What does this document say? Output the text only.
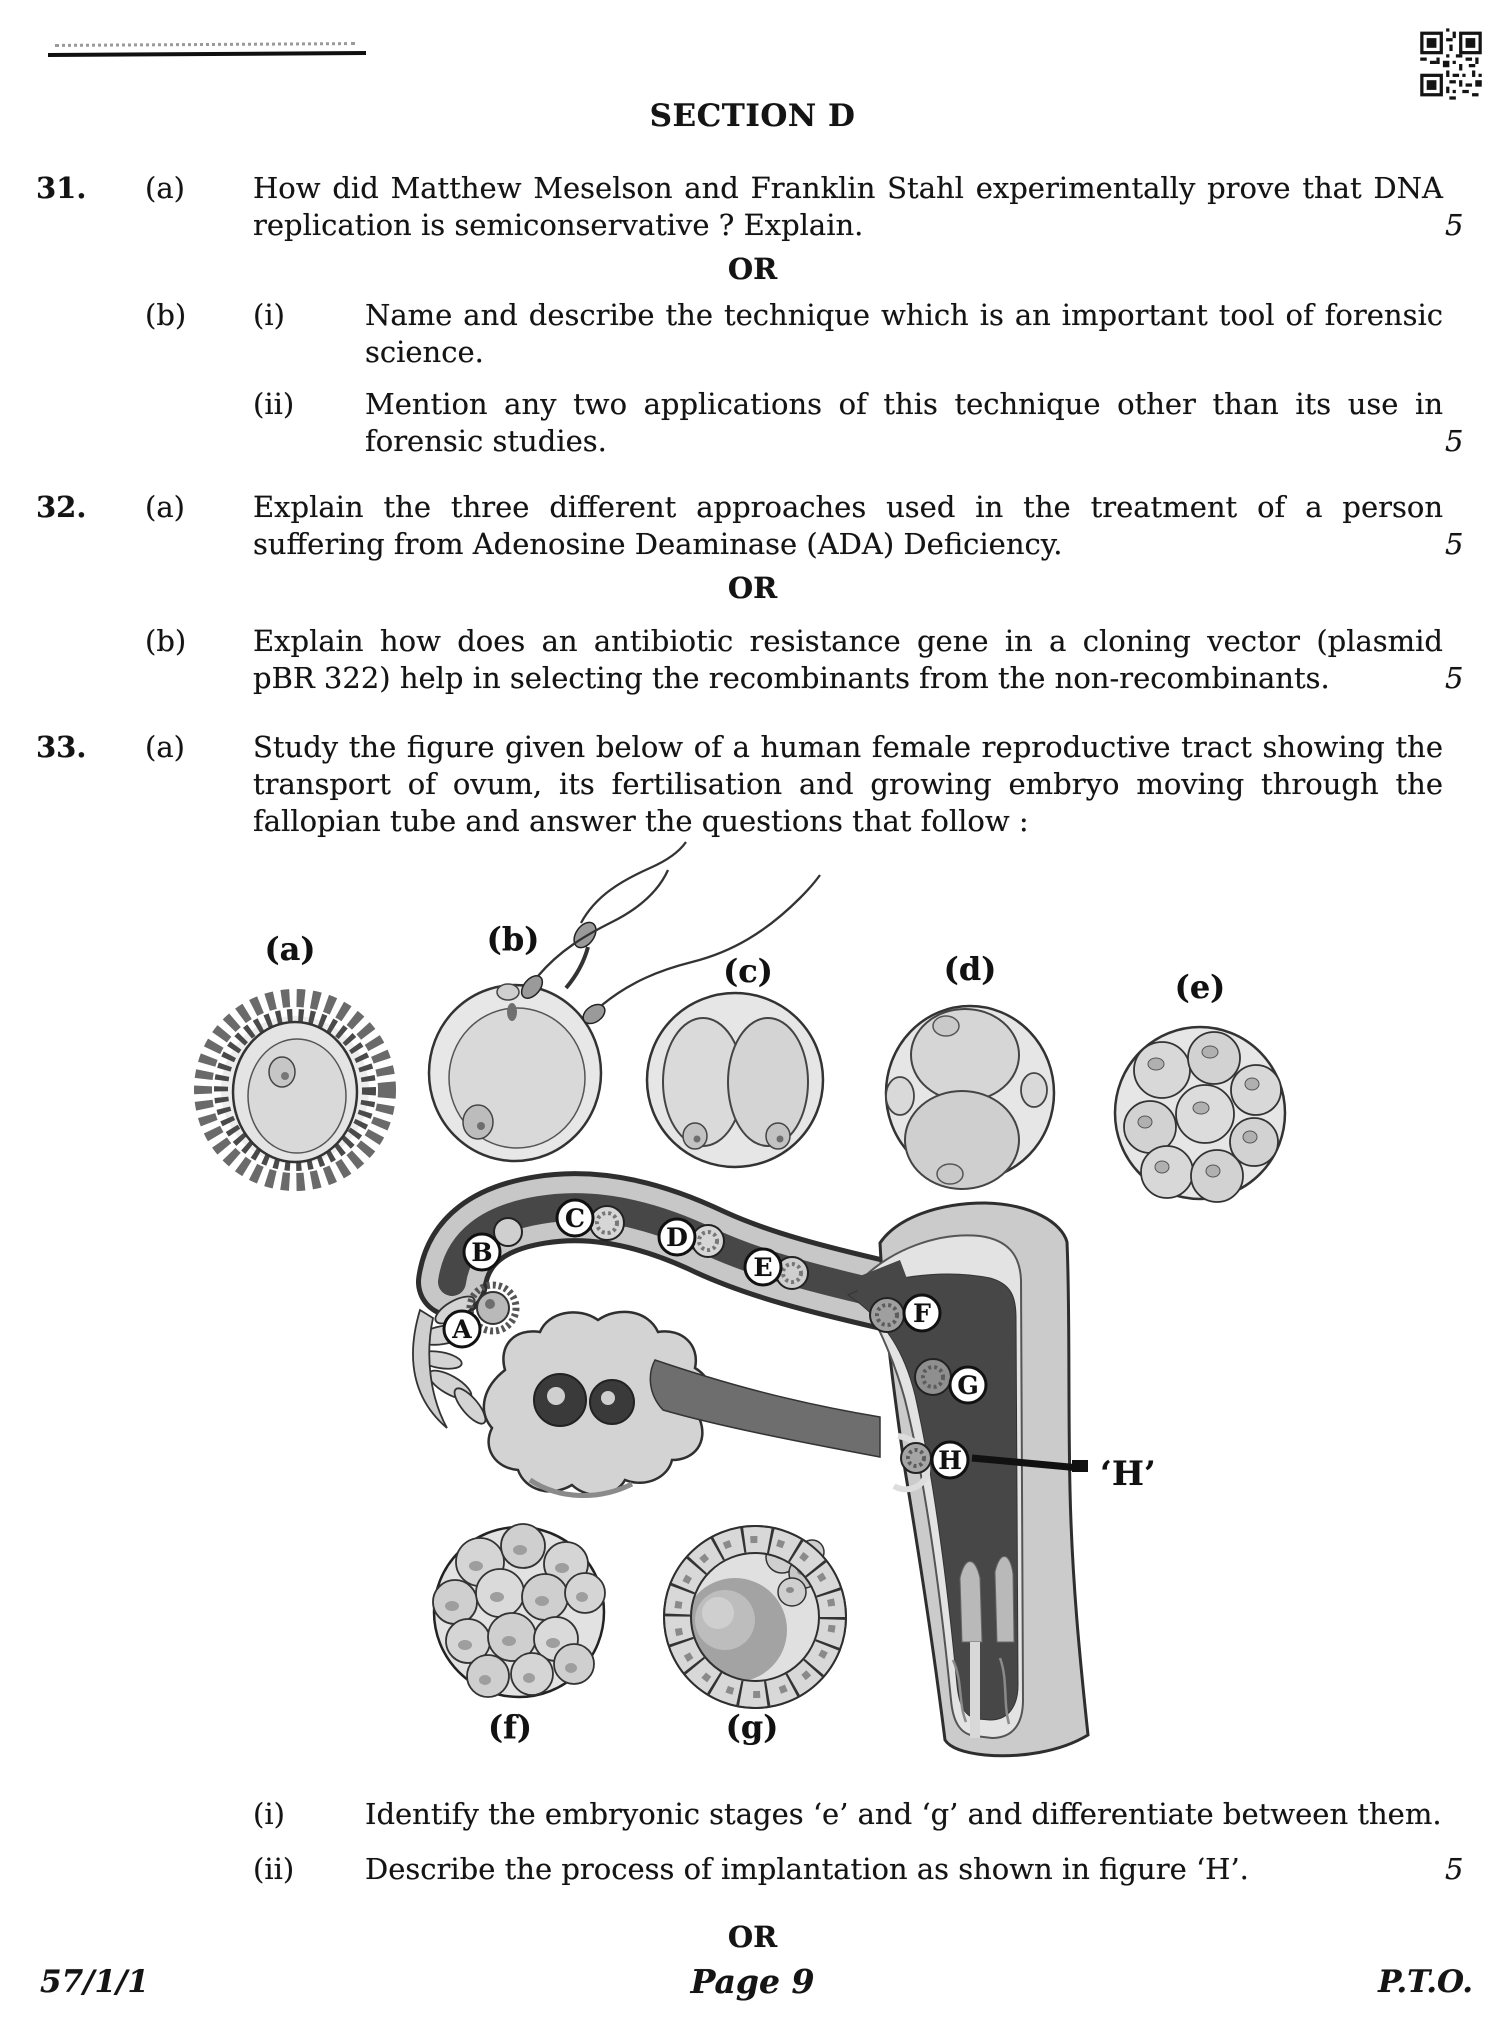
SECTION D
31. (a) How did Matthew Meselson and Franklin Stahl experimentally prove that DNA
replication is semiconservative ? Explain.	5
OR
(b) (i)	Name and describe the technique which is an important tool of forensic
science.
(ii) Mention any two applications of this technique other than its use in
forensic studies.	5
32. (a) Explain the three different approaches used in the treatment of a person
suffering from Adenosine Deaminase (ADA) Deficiency.	5
OR
(b) Explain how does an antibiotic resistance gene in a cloning vector (plasmid
pBR 322) help in selecting the recombinants from the non-recombinants.	5
33. (a) Study the figure given below of a human female reproductive tract showing the
transport of ovum, its fertilisation and growing embryo moving through the
fallopian tube and answer the questions that follow :
(a)	(b)
(c)	(d)	(e)
‘H’
A
B
C
D
E
F
G
H
(f)	(g)
(i)	Identify the embryonic stages ‘e’ and ‘g’ and differentiate between them.
(ii) Describe the process of implantation as shown in figure ‘H’.	5
OR
57/1/1	Page 9	P.T.O.
